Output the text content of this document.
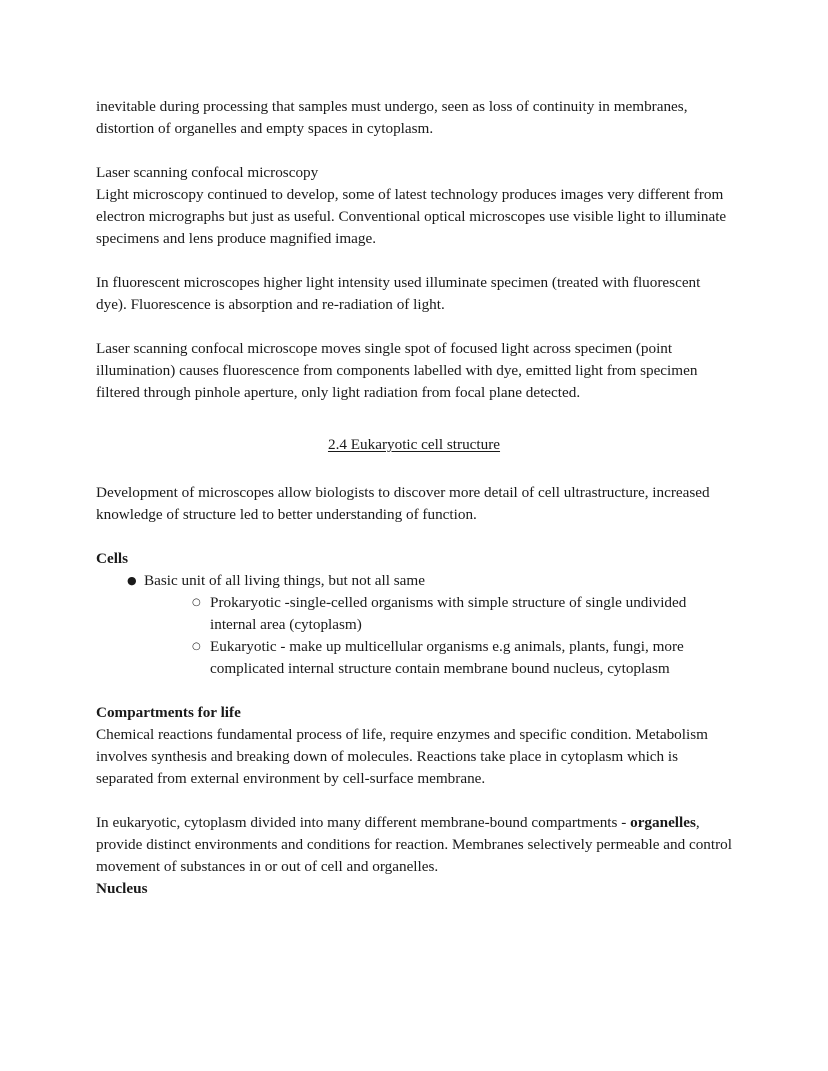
inevitable during processing that samples must undergo, seen as loss of continuity in membranes, distortion of organelles and empty spaces in cytoplasm.

Laser scanning confocal microscopy

Light microscopy continued to develop, some of latest technology produces images very different from electron micrographs but just as useful. Conventional optical microscopes use visible light to illuminate specimens and lens produce magnified image.

In fluorescent microscopes higher light intensity used illuminate specimen (treated with fluorescent dye). Fluorescence is absorption and re-radiation of light.

Laser scanning confocal microscope moves single spot of focused light across specimen (point illumination) causes fluorescence from components labelled with dye, emitted light from specimen filtered through pinhole aperture, only light radiation from focal plane detected.

2.4 Eukaryotic cell structure

Development of microscopes allow biologists to discover more detail of cell ultrastructure, increased knowledge of structure led to better understanding of function.

Cells
● Basic unit of all living things, but not all same
○ Prokaryotic -single-celled organisms with simple structure of single undivided internal area (cytoplasm)
○ Eukaryotic - make up multicellular organisms e.g animals, plants, fungi, more complicated internal structure contain membrane bound nucleus, cytoplasm
Compartments for life

Chemical reactions fundamental process of life, require enzymes and specific condition. Metabolism involves synthesis and breaking down of molecules. Reactions take place in cytoplasm which is separated from external environment by cell-surface membrane.

In eukaryotic, cytoplasm divided into many different membrane-bound compartments - organelles, provide distinct environments and conditions for reaction. Membranes selectively permeable and control movement of substances in or out of cell and organelles.

Nucleus
